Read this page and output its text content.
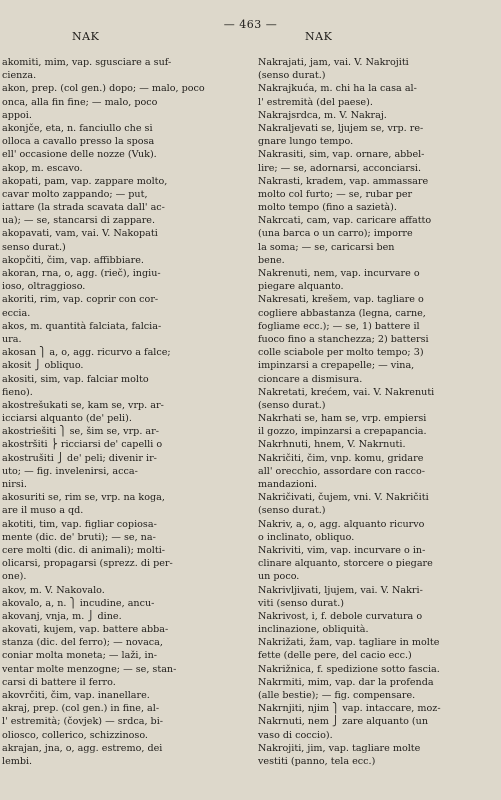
NAK
— 463 —
NAK
akomiti, mim, vap. sgusciare a suf-
cienza.
akon, prep. (col gen.) dopo; — malo, poco
onca, alla fin fine; — malo, poco
appoi.
akonjče, eta, n. fanciullo che si
olloca a cavallo presso la sposa
ell' occasione delle nozze (Vuk).
akop, m. escavo.
akopati, pam, vap. zappare molto,
cavar molto zappando; — put,
iattare (la strada scavata dall' ac-
ua); — se, stancarsi di zappare.
akopavati, vam, vai. V. Nakopati
senso durat.)
akopčiti, čim, vap. affibbiare.
akoran, rna, o, agg. (rieč), ingiu-
ioso, oltraggioso.
akoriti, rim, vap. coprir con cor-
eccia.
akos, m. quantità falciata, falcia-
ura.
akosan ⎫ a, o, agg. ricurvo a falce;
akosit ⎭ obliquo.
akositi, sim, vap. falciar molto
fieno).
akostrešukati se, kam se, vrp. ar-
icciarsi alquanto (de' peli).
akostriešiti ⎫ se, šim se, vrp. ar-
akostršiti ⎬ ricciarsi de' capelli o
akostrušiti ⎭ de' peli; divenir ir-
uto; — fig. invelenirsi, acca-
nirsi.
akosuriti se, rim se, vrp. na koga,
are il muso a qd.
akotiti, tim, vap. figliar copiosa-
mente (dic. de' bruti); — se, na-
cere molti (dic. di animali); molti-
olicarsi, propagarsi (sprezz. di per-
one).
akov, m. V. Nakovalo.
akovalo, a, n. ⎫ incudine, ancu-
akovanj, vnja, m. ⎭ dine.
akovati, kujem, vap. battere abba-
stanza (dic. del ferro); — novaca,
coniar molta moneta; — laži, in-
ventar molte menzogne; — se, stan-
carsi di battere il ferro.
akovrčiti, čim, vap. inanellare.
akraj, prep. (col gen.) in fine, al-
l' estremità; (čovjek) — srdca, bi-
oliosco, collerico, schizzinoso.
akrajan, jna, o, agg. estremo, dei
lembi.
Nakrajati, jam, vai. V. Nakrojiti
(senso durat.)
Nakrajkuća, m. chi ha la casa al-
l' estremità (del paese).
Nakrajsrdca, m. V. Nakraj.
Nakraljevati se, ljujem se, vrp. re-
gnare lungo tempo.
Nakrasiti, sim, vap. ornare, abbel-
lire; — se, adornarsi, acconciarsi.
Nakrasti, kradem, vap. ammassare
molto col furto; — se, rubar per
molto tempo (fino a sazietà).
Nakrcati, cam, vap. caricare affatto
(una barca o un carro); imporre
la soma; — se, caricarsi ben
bene.
Nakrenuti, nem, vap. incurvare o
piegare alquanto.
Nakresati, krešem, vap. tagliare o
cogliere abbastanza (legna, carne,
fogliame ecc.); — se, 1) battere il
fuoco fino a stanchezza; 2) battersi
colle sciabole per molto tempo; 3)
impinzarsi a crepapelle; — vina,
cioncare a dismisura.
Nakretati, krećem, vai. V. Nakrenuti
(senso durat.)
Nakrhati se, ham se, vrp. empiersi
il gozzo, impinzarsi a crepapancia.
Nakrhnuti, hnem, V. Nakrnuti.
Nakričiti, čim, vnp. komu, gridare
all' orecchio, assordare con racco-
mandazioni.
Nakričivati, čujem, vni. V. Nakričiti
(senso durat.)
Nakriv, a, o, agg. alquanto ricurvo
o inclinato, obliquo.
Nakriviti, vim, vap. incurvare o in-
clinare alquanto, storcere o piegare
un poco.
Nakrivljivati, ljujem, vai. V. Nakri-
viti (senso durat.)
Nakrivost, i, f. debole curvatura o
inclinazione, obliquità.
Nakrižati, žam, vap. tagliare in molte
fette (delle pere, del cacio ecc.)
Nakrižnica, f. spedizione sotto fascia.
Nakrmiti, mim, vap. dar la profenda
(alle bestie); — fig. compensare.
Nakrnjiti, njim ⎫ vap. intaccare, moz-
Nakrnuti, nem ⎭ zare alquanto (un
vaso di coccio).
Nakrojiti, jim, vap. tagliare molte
vestiti (panno, tela ecc.)
